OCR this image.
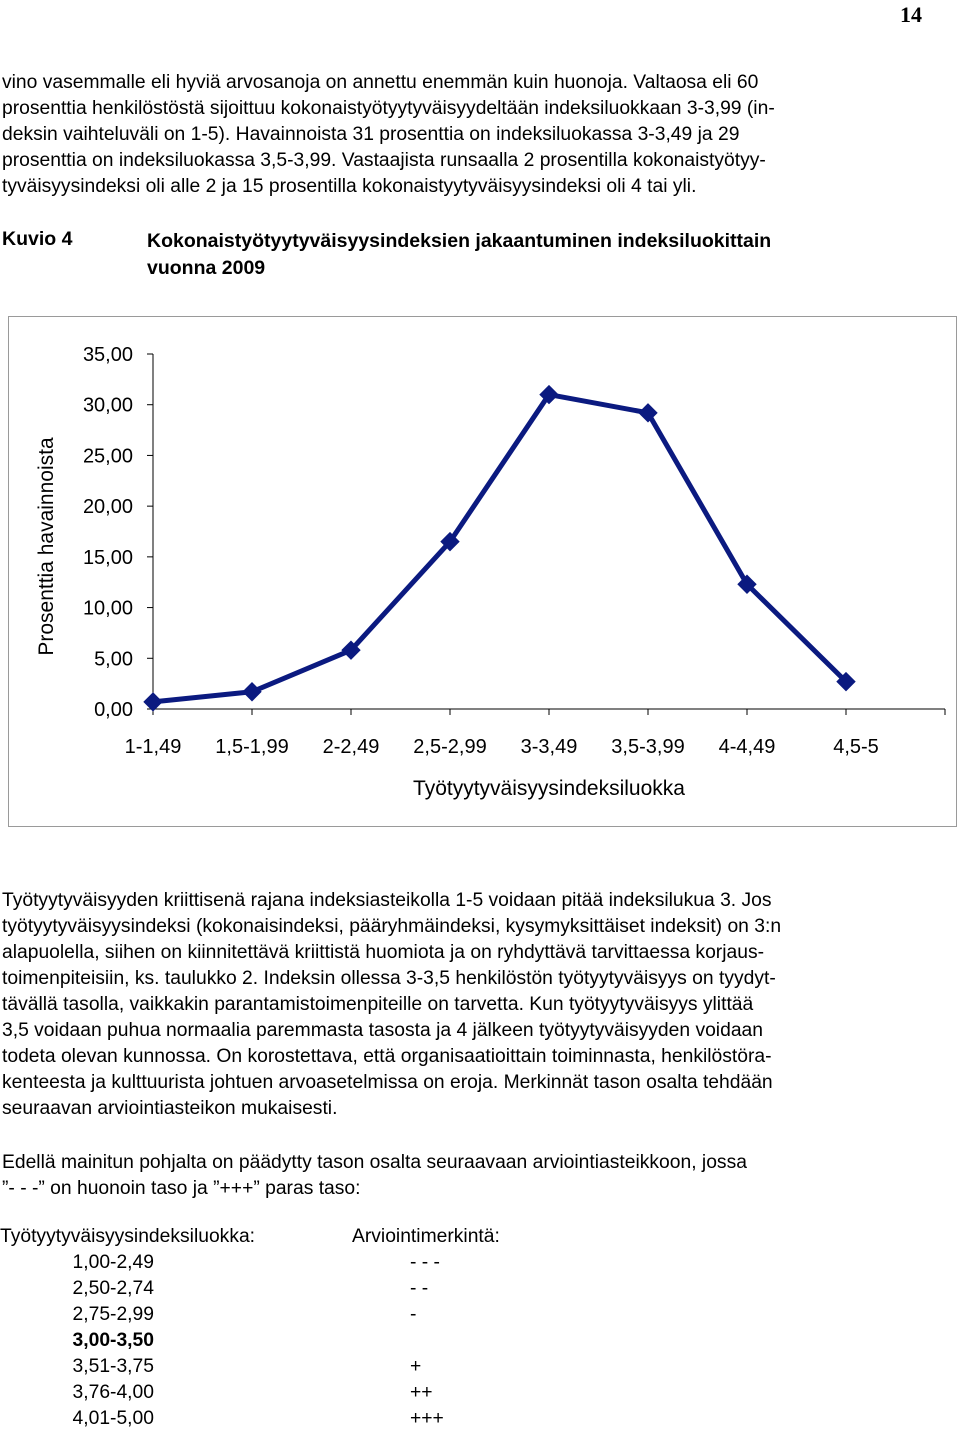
14
vino vasemmalle eli hyviä arvosanoja on annettu enemmän kuin huonoja. Valtaosa eli 60
prosenttia henkilöstöstä sijoittuu kokonaistyötyytyväisyydeltään indeksiluokkaan 3-3,99 (in-
deksin vaihteluväli on 1-5). Havainnoista 31 prosenttia on indeksiluokassa 3-3,49 ja 29
prosenttia on indeksiluokassa 3,5-3,99. Vastaajista runsaalla 2 prosentilla kokonaistyötyy-
tyväisyysindeksi oli alle 2 ja 15 prosentilla kokonaistyytyväisyysindeksi oli 4 tai yli.
Kuvio 4	Kokonaistyötyytyväisyysindeksien jakaantuminen indeksiluokittain
vuonna 2009
0,00
5,00
10,00
15,00
20,00
25,00
30,00
35,00
1-1,49 1,5-1,99 2-2,49 2,5-2,99 3-3,49 3,5-3,99 4-4,49	4,5-5
Työtyytyväisyysindeksiluokka
Prosenttia havainnoista
Työtyytyväisyyden kriittisenä rajana indeksiasteikolla 1-5 voidaan pitää indeksilukua 3. Jos
työtyytyväisyysindeksi (kokonaisindeksi, pääryhmäindeksi, kysymyksittäiset indeksit) on 3:n
alapuolella, siihen on kiinnitettävä kriittistä huomiota ja on ryhdyttävä tarvittaessa korjaus-
toimenpiteisiin, ks. taulukko 2. Indeksin ollessa 3-3,5 henkilöstön työtyytyväisyys on tyydyt-
tävällä tasolla, vaikkakin parantamistoimenpiteille on tarvetta. Kun työtyytyväisyys ylittää
3,5 voidaan puhua normaalia paremmasta tasosta ja 4 jälkeen työtyytyväisyyden voidaan
todeta olevan kunnossa. On korostettava, että organisaatioittain toiminnasta, henkilöstöra-
kenteesta ja kulttuurista johtuen arvoasetelmissa on eroja. Merkinnät tason osalta tehdään
seuraavan arviointiasteikon mukaisesti.
Edellä mainitun pohjalta on päädytty tason osalta seuraavaan arviointiasteikkoon, jossa
”- - -” on huonoin taso ja ”+++” paras taso:
Työtyytyväisyysindeksiluokka:	Arviointimerkintä:
1,00-2,49	- - -
2,50-2,74	- -
2,75-2,99	-
3,00-3,50
3,51-3,75	+
3,76-4,00	++
4,01-5,00	+++
